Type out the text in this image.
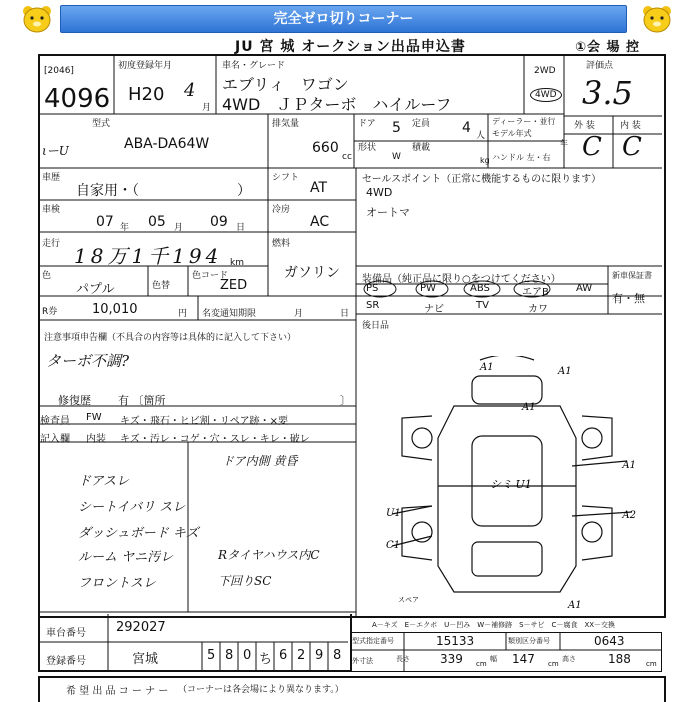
完全ゼロ切りコーナー
JU 宮 城 オークション出品申込書	①会 場 控
[2046]
4096
初度登録年月
H20 4
月
車名・グレード
エブリィ　ワゴン
4WD　ＪＰターボ　ハイルーフ
2WD
4WD
評価点
3.5
型式
ιーU	ABA-DA64W
排気量
660
cc
ドア 5 定員 4 人
ディーラー・並行
モデル年式
年
ハンドル 左・右
外 装	内 装
C C
形状
W
積載
kg
車歴
自家用・（　　　　　　　）
シフト
AT
車検
07 年 05 月 09 日
冷房
AC
走行 18万1千194 km
燃料
ガソリン
色
パプル	色替
色コード
ZED
R券	10,010	円 名変通知期限	月	日
セールスポイント（正常に機能するものに限ります）
4WD
オートマ
装備品（純正品に限り○をつけてください）	新車保証書
有・無
PS	PW	ABS	エアB	AW
SR	ナビ	TV	カワ
後日品
注意事項申告欄（不具合の内容等は具体的に記入して下さい）
ターボ不調?
修復歴 有 〔箇所	〕
検査員
記入欄
FW キズ・飛石・ヒビ割・リペア跡・×要
内装 キズ・汚レ・コゲ・穴・スレ・キレ・破レ
ドア内側 黄昏
ドアスレ
シートイバリ スレ
ダッシュボード キズ
ルーム ヤニ汚レ
フロントスレ
Rタイヤハウス内C
下回りSC
A1	A1
A1
A2
A1
U1
C1
A1
シミ U1
スペア
A－キズ　E－エクボ　U－凹み　W－補修跡　S－サビ　C－腐食　XX－交換
車台番号 292027
登録番号	宮城	5 8 0 ち 6 2 9 8
型式指定番号	15133	類別区分番号	0643
外寸法	長さ	339 cm
幅 147 cm
高さ	188 cm
希 望 出 品 コ ー ナ ー （コーナーは各会場により異なります。）
